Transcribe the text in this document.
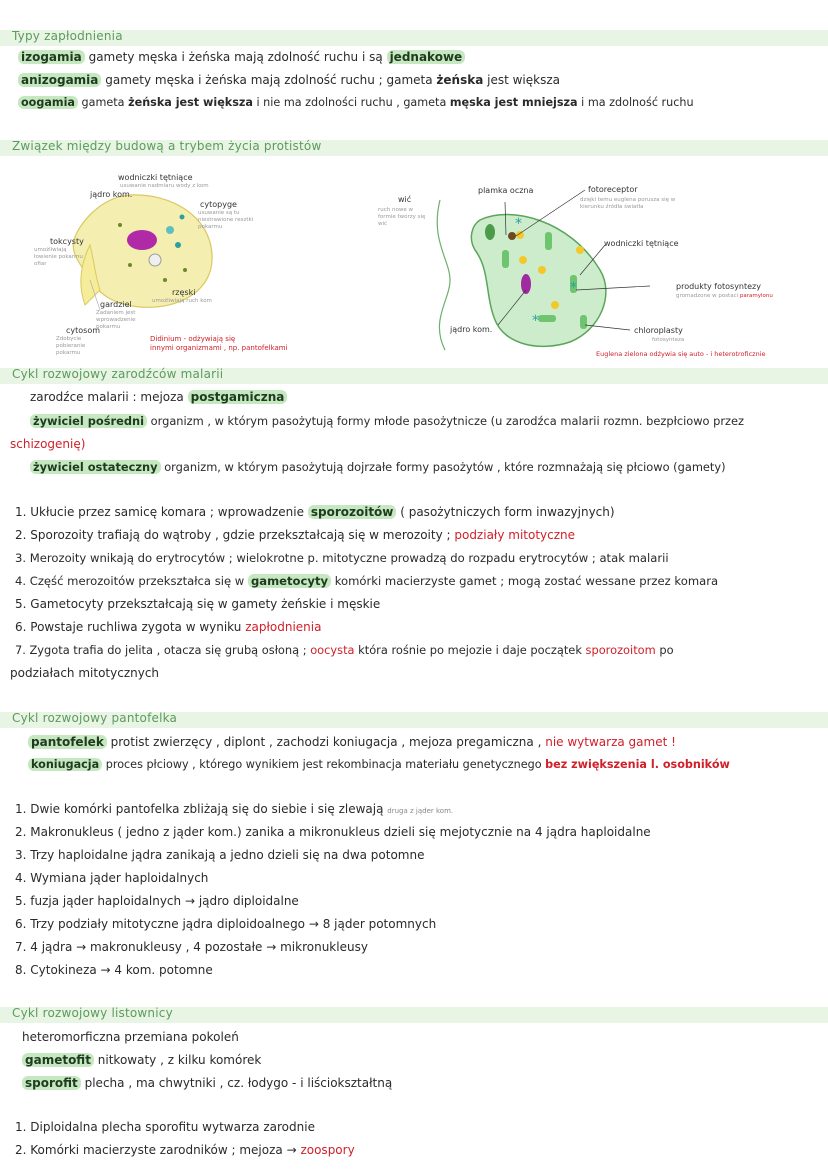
Typy zapłodnienia
izogamia gamety męska i żeńska mają zdolność ruchu i są jednakowe
anizogamia gamety męska i żeńska mają zdolność ruchu ; gameta żeńska jest większa
oogamia gameta żeńska jest większa i nie ma zdolności ruchu , gameta męska jest mniejsza i ma zdolność ruchu
Związek między budową a trybem życia protistów
wodniczki tętniące
usuwanie nadmiaru wody z kom
jądro kom.
cytopyge
usuwanie są tu niestrawione resztki pokarmu
tokcysty
umożliwiają łowienie pokarmu ofiar
rzęski
umożliwiają ruch kom
gardziel
Zadaniem jest wprowadzenie pokarmu
cytosom
Zdobycie pobieranie pokarmu
Didinium - odżywiają się
innymi organizmami , np. pantofelkami
*
*
*
wić
ruch nowe w formie tworzy się wić
plamka oczna	fotoreceptor
dzięki temu euglena porusza się w kierunku źródła światła
wodniczki tętniące
produkty fotosyntezy
gromadzone w postaci paramylonu
jądro kom.	chloroplasty
fotosynteza
Euglena zielona odżywia się auto - i heterotroficznie
Cykl rozwojowy zarodźców malarii
zarodźce malarii : mejoza postgamiczna
żywiciel pośredni organizm , w którym pasożytują formy młode pasożytnicze (u zarodźca malarii rozmn. bezpłciowo przez
schizogenię)
żywiciel ostateczny organizm, w którym pasożytują dojrzałe formy pasożytów , które rozmnażają się płciowo (gamety)
1. Ukłucie przez samicę komara ; wprowadzenie sporozoitów ( pasożytniczych form inwazyjnych)
2. Sporozoity trafiają do wątroby , gdzie przekształcają się w merozoity ; podziały mitotyczne
3. Merozoity wnikają do erytrocytów ; wielokrotne p. mitotyczne prowadzą do rozpadu erytrocytów ; atak malarii
4. Część merozoitów przekształca się w gametocyty komórki macierzyste gamet ; mogą zostać wessane przez komara
5. Gametocyty przekształcają się w gamety żeńskie i męskie
6. Powstaje ruchliwa zygota w wyniku zapłodnienia
7. Zygota trafia do jelita , otacza się grubą osłoną ; oocysta która rośnie po mejozie i daje początek sporozoitom po
podziałach mitotycznych
Cykl rozwojowy pantofelka
pantofelek protist zwierzęcy , diplont , zachodzi koniugacja , mejoza pregamiczna , nie wytwarza gamet !
koniugacja proces płciowy , którego wynikiem jest rekombinacja materiału genetycznego bez zwiększenia l. osobników
1. Dwie komórki pantofelka zbliżają się do siebie i się zlewają druga z jąder kom.
2. Makronukleus ( jedno z jąder kom.) zanika a mikronukleus dzieli się mejotycznie na 4 jądra haploidalne
3. Trzy haploidalne jądra zanikają a jedno dzieli się na dwa potomne
4. Wymiana jąder haploidalnych
5. fuzja jąder haploidalnych → jądro diploidalne
6. Trzy podziały mitotyczne jądra diploidoalnego → 8 jąder potomnych
7. 4 jądra → makronukleusy , 4 pozostałe → mikronukleusy
8. Cytokineza → 4 kom. potomne
Cykl rozwojowy listownicy
heteromorficzna przemiana pokoleń
gametofit nitkowaty , z kilku komórek
sporofit plecha , ma chwytniki , cz. łodygo - i liściokształtną
1. Diploidalna plecha sporofitu wytwarza zarodnie
2. Komórki macierzyste zarodników ; mejoza → zoospory
